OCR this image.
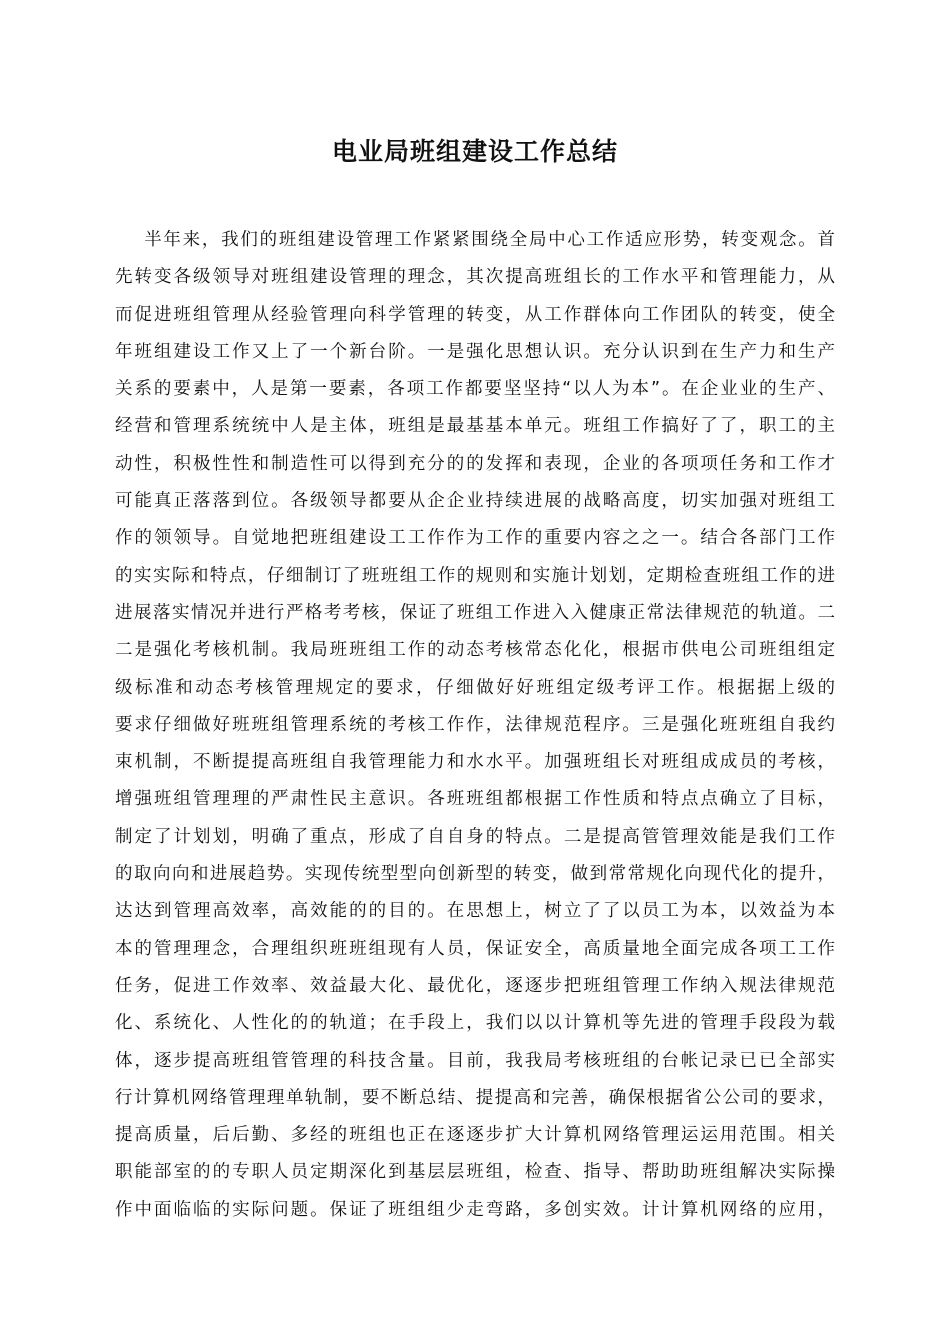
电业局班组建设工作总结
半年来，我们的班组建设管理工作紧紧围绕全局中心工作适应形势，转变观念。首
先转变各级领导对班组建设管理的理念，其次提高班组长的工作水平和管理能力，从
而促进班组管理从经验管理向科学管理的转变，从工作群体向工作团队的转变，使全
年班组建设工作又上了一个新台阶。一是强化思想认识。充分认识到在生产力和生产
关系的要素中，人是第一要素，各项工作都要坚坚持“以人为本”。在企业业的生产、
经营和管理系统统中人是主体，班组是最基基本单元。班组工作搞好了了，职工的主
动性，积极性性和制造性可以得到充分的的发挥和表现，企业的各项项任务和工作才
可能真正落落到位。各级领导都要从企企业持续进展的战略高度，切实加强对班组工
作的领领导。自觉地把班组建设工工作作为工作的重要内容之之一。结合各部门工作
的实实际和特点，仔细制订了班班组工作的规则和实施计划划，定期检查班组工作的进
进展落实情况并进行严格考考核，保证了班组工作进入入健康正常法律规范的轨道。二
二是强化考核机制。我局班班组工作的动态考核常态化化，根据市供电公司班组组定
级标准和动态考核管理规定的要求，仔细做好好班组定级考评工作。根据据上级的
要求仔细做好班班组管理系统的考核工作作，法律规范程序。三是强化班班组自我约
束机制，不断提提高班组自我管理能力和水水平。加强班组长对班组成成员的考核，
增强班组管理理的严肃性民主意识。各班班组都根据工作性质和特点点确立了目标，
制定了计划划，明确了重点，形成了自自身的特点。二是提高管管理效能是我们工作
的取向向和进展趋势。实现传统型型向创新型的转变，做到常常规化向现代化的提升，
达达到管理高效率，高效能的的目的。在思想上，树立了了以员工为本，以效益为本
本的管理理念，合理组织班班组现有人员，保证安全，高质量地全面完成各项工工作
任务，促进工作效率、效益最大化、最优化，逐逐步把班组管理工作纳入规法律规范
化、系统化、人性化的的轨道；在手段上，我们以以计算机等先进的管理手段段为载
体，逐步提高班组管管理的科技含量。目前，我我局考核班组的台帐记录已已全部实
行计算机网络管理理单轨制，要不断总结、提提高和完善，确保根据省公公司的要求，
提高质量，后后勤、多经的班组也正在逐逐步扩大计算机网络管理运运用范围。相关
职能部室的的专职人员定期深化到基层层班组，检查、指导、帮助助班组解决实际操
作中面临临的实际问题。保证了班组组少走弯路，多创实效。计计算机网络的应用，
